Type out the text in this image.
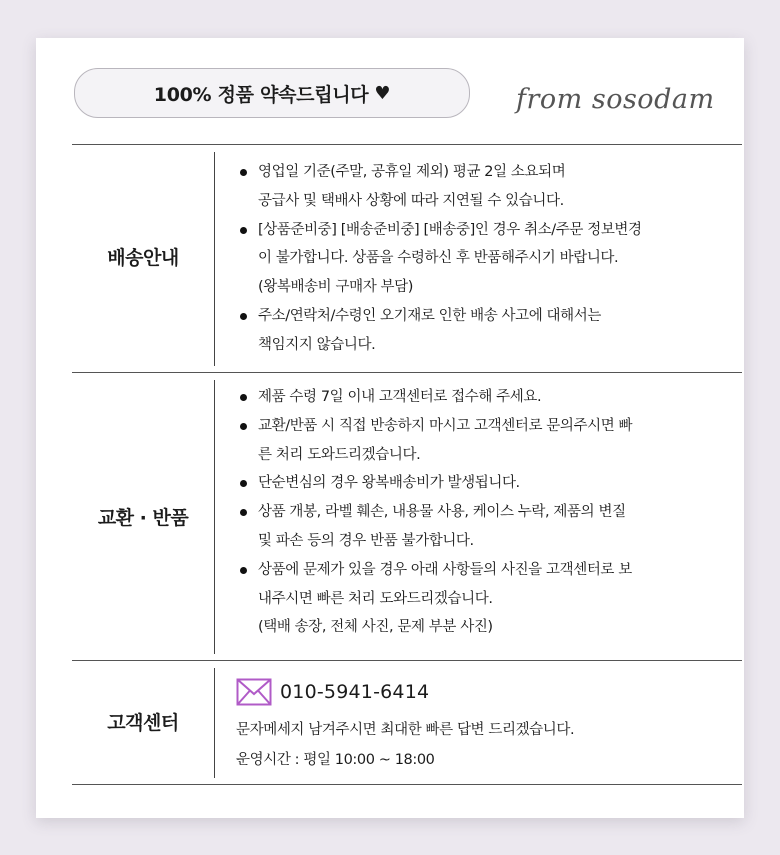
100% 정품 약속드립니다 ♥	from sosodam
배송안내
영업일 기준(주말, 공휴일 제외) 평균 2일 소요되며
공급사 및 택배사 상황에 따라 지연될 수 있습니다.
[상품준비중] [배송준비중] [배송중]인 경우 취소/주문 정보변경
이 불가합니다. 상품을 수령하신 후 반품해주시기 바랍니다.
(왕복배송비 구매자 부담)
주소/연락처/수령인 오기재로 인한 배송 사고에 대해서는
책임지지 않습니다.
교환 · 반품
제품 수령 7일 이내 고객센터로 접수해 주세요.
교환/반품 시 직접 반송하지 마시고 고객센터로 문의주시면 빠
른 처리 도와드리겠습니다.
단순변심의 경우 왕복배송비가 발생됩니다.
상품 개봉, 라벨 훼손, 내용물 사용, 케이스 누락, 제품의 변질
및 파손 등의 경우 반품 불가합니다.
상품에 문제가 있을 경우 아래 사항들의 사진을 고객센터로 보
내주시면 빠른 처리 도와드리겠습니다.
(택배 송장, 전체 사진, 문제 부분 사진)
고객센터
010-5941-6414
문자메세지 남겨주시면 최대한 빠른 답변 드리겠습니다.
운영시간 : 평일 10:00 ~ 18:00
